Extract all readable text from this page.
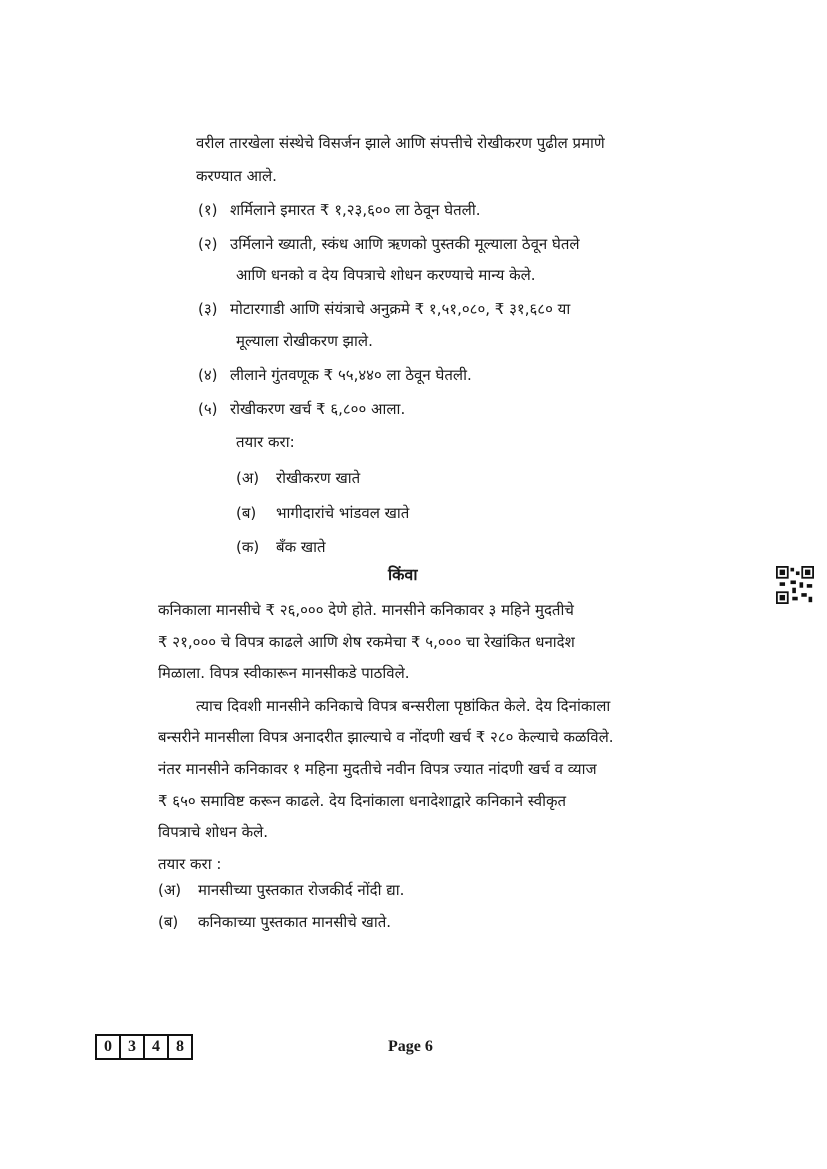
वरील तारखेला संस्थेचे विसर्जन झाले आणि संपत्तीचे रोखीकरण पुढील प्रमाणे
करण्यात आले.
(१) शर्मिलाने इमारत ₹ १,२३,६०० ला ठेवून घेतली.
(२) उर्मिलाने ख्याती, स्कंध आणि ऋणको पुस्तकी मूल्याला ठेवून घेतले
आणि धनको व देय विपत्राचे शोधन करण्याचे मान्य केले.
(३) मोटारगाडी आणि संयंत्राचे अनुक्रमे ₹ १,५१,०८०, ₹ ३१,६८० या
मूल्याला रोखीकरण झाले.
(४) लीलाने गुंतवणूक ₹ ५५,४४० ला ठेवून घेतली.
(५) रोखीकरण खर्च ₹ ६,८०० आला.
तयार करा:
(अ) रोखीकरण खाते
(ब) भागीदारांचे भांडवल खाते
(क) बँक खाते
किंवा
कनिकाला मानसीचे ₹ २६,००० देणे होते. मानसीने कनिकावर ३ महिने मुदतीचे
₹ २१,००० चे विपत्र काढले आणि शेष रकमेचा ₹ ५,००० चा रेखांकित धनादेश
मिळाला. विपत्र स्वीकारून मानसीकडे पाठविले.
त्याच दिवशी मानसीने कनिकाचे विपत्र बन्सरीला पृष्ठांकित केले. देय दिनांकाला
बन्सरीने मानसीला विपत्र अनादरीत झाल्याचे व नोंदणी खर्च ₹ २८० केल्याचे कळविले.
नंतर मानसीने कनिकावर १ महिना मुदतीचे नवीन विपत्र ज्यात नांदणी खर्च व व्याज
₹ ६५० समाविष्ट करून काढले. देय दिनांकाला धनादेशाद्वारे कनिकाने स्वीकृत
विपत्राचे शोधन केले.
तयार करा :
(अ) मानसीच्या पुस्तकात रोजकीर्द नोंदी द्या.
(ब) कनिकाच्या पुस्तकात मानसीचे खाते.
0	3	4	8	Page 6
